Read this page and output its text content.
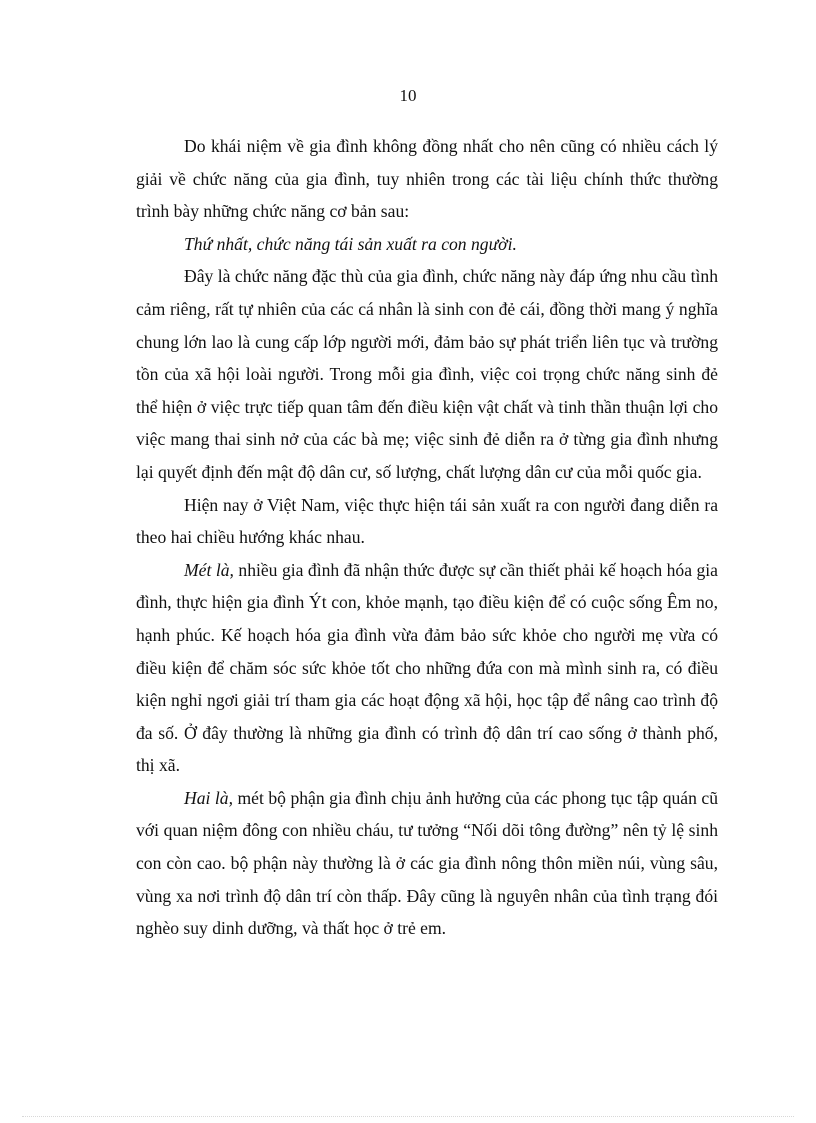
10

Do khái niệm về gia đình không đồng nhất cho nên cũng có nhiều cách lý giải về chức năng của gia đình, tuy nhiên trong các tài liệu chính thức thường trình bày những chức năng cơ bản sau:

Thứ nhất, chức năng tái sản xuất ra con người.

Đây là chức năng đặc thù của gia đình, chức năng này đáp ứng nhu cầu tình cảm riêng, rất tự nhiên của các cá nhân là sinh con đẻ cái, đồng thời mang ý nghĩa chung lớn lao là cung cấp lớp người mới, đảm bảo sự phát triển liên tục và trường tồn của xã hội loài người. Trong mỗi gia đình, việc coi trọng chức năng sinh đẻ thể hiện ở việc trực tiếp quan tâm đến điều kiện vật chất và tinh thần thuận lợi cho việc mang thai sinh nở của các bà mẹ; việc sinh đẻ diễn ra ở từng gia đình nhưng lại quyết định đến mật độ dân cư, số lượng, chất lượng dân cư của mỗi quốc gia.

Hiện nay ở Việt Nam, việc thực hiện tái sản xuất ra con người đang diễn ra theo hai chiều hướng khác nhau.

Mét là, nhiều gia đình đã nhận thức được sự cần thiết phải kế hoạch hóa gia đình, thực hiện gia đình Ýt con, khỏe mạnh, tạo điều kiện để có cuộc sống Êm no, hạnh phúc. Kế hoạch hóa gia đình vừa đảm bảo sức khỏe cho người mẹ vừa có điều kiện để chăm sóc sức khỏe tốt cho những đứa con mà mình sinh ra, có điều kiện nghỉ ngơi giải trí tham gia các hoạt động xã hội, học tập để nâng cao trình độ đa số. Ở đây thường là những gia đình có trình độ dân trí cao sống ở thành phố, thị xã.

Hai là, mét bộ phận gia đình chịu ảnh hưởng của các phong tục tập quán cũ với quan niệm đông con nhiều cháu, tư tưởng “Nối dõi tông đường” nên tỷ lệ sinh con còn cao. bộ phận này thường là ở các gia đình nông thôn miền núi, vùng sâu, vùng xa nơi trình độ dân trí còn thấp. Đây cũng là nguyên nhân của tình trạng đói nghèo suy dinh dưỡng, và thất học ở trẻ em.
